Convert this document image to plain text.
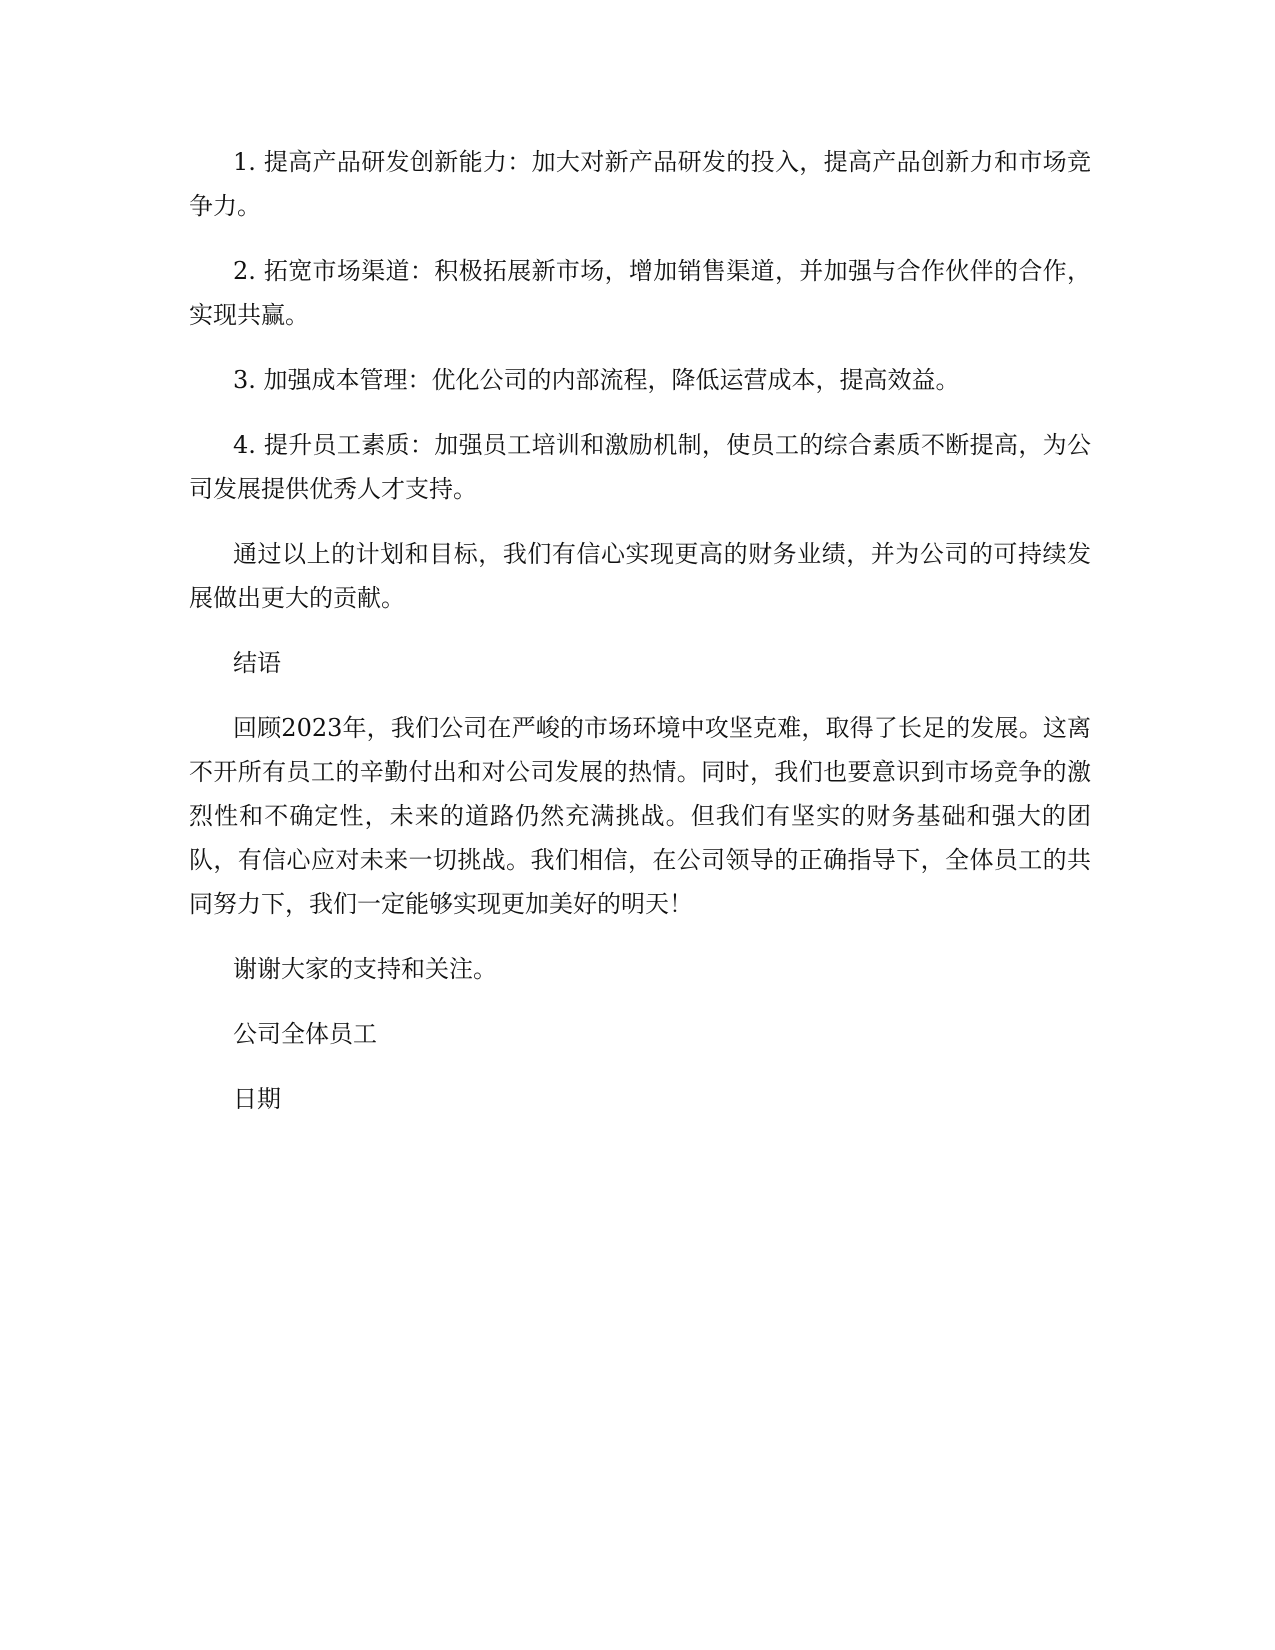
1. 提高产品研发创新能力：加大对新产品研发的投入，提高产品创新力和市场竞争力。

2. 拓宽市场渠道：积极拓展新市场，增加销售渠道，并加强与合作伙伴的合作，实现共赢。

3. 加强成本管理：优化公司的内部流程，降低运营成本，提高效益。

4. 提升员工素质：加强员工培训和激励机制，使员工的综合素质不断提高，为公司发展提供优秀人才支持。

通过以上的计划和目标，我们有信心实现更高的财务业绩，并为公司的可持续发展做出更大的贡献。

结语

回顾2023年，我们公司在严峻的市场环境中攻坚克难，取得了长足的发展。这离不开所有员工的辛勤付出和对公司发展的热情。同时，我们也要意识到市场竞争的激烈性和不确定性，未来的道路仍然充满挑战。但我们有坚实的财务基础和强大的团队，有信心应对未来一切挑战。我们相信，在公司领导的正确指导下，全体员工的共同努力下，我们一定能够实现更加美好的明天！

谢谢大家的支持和关注。

公司全体员工

日期
